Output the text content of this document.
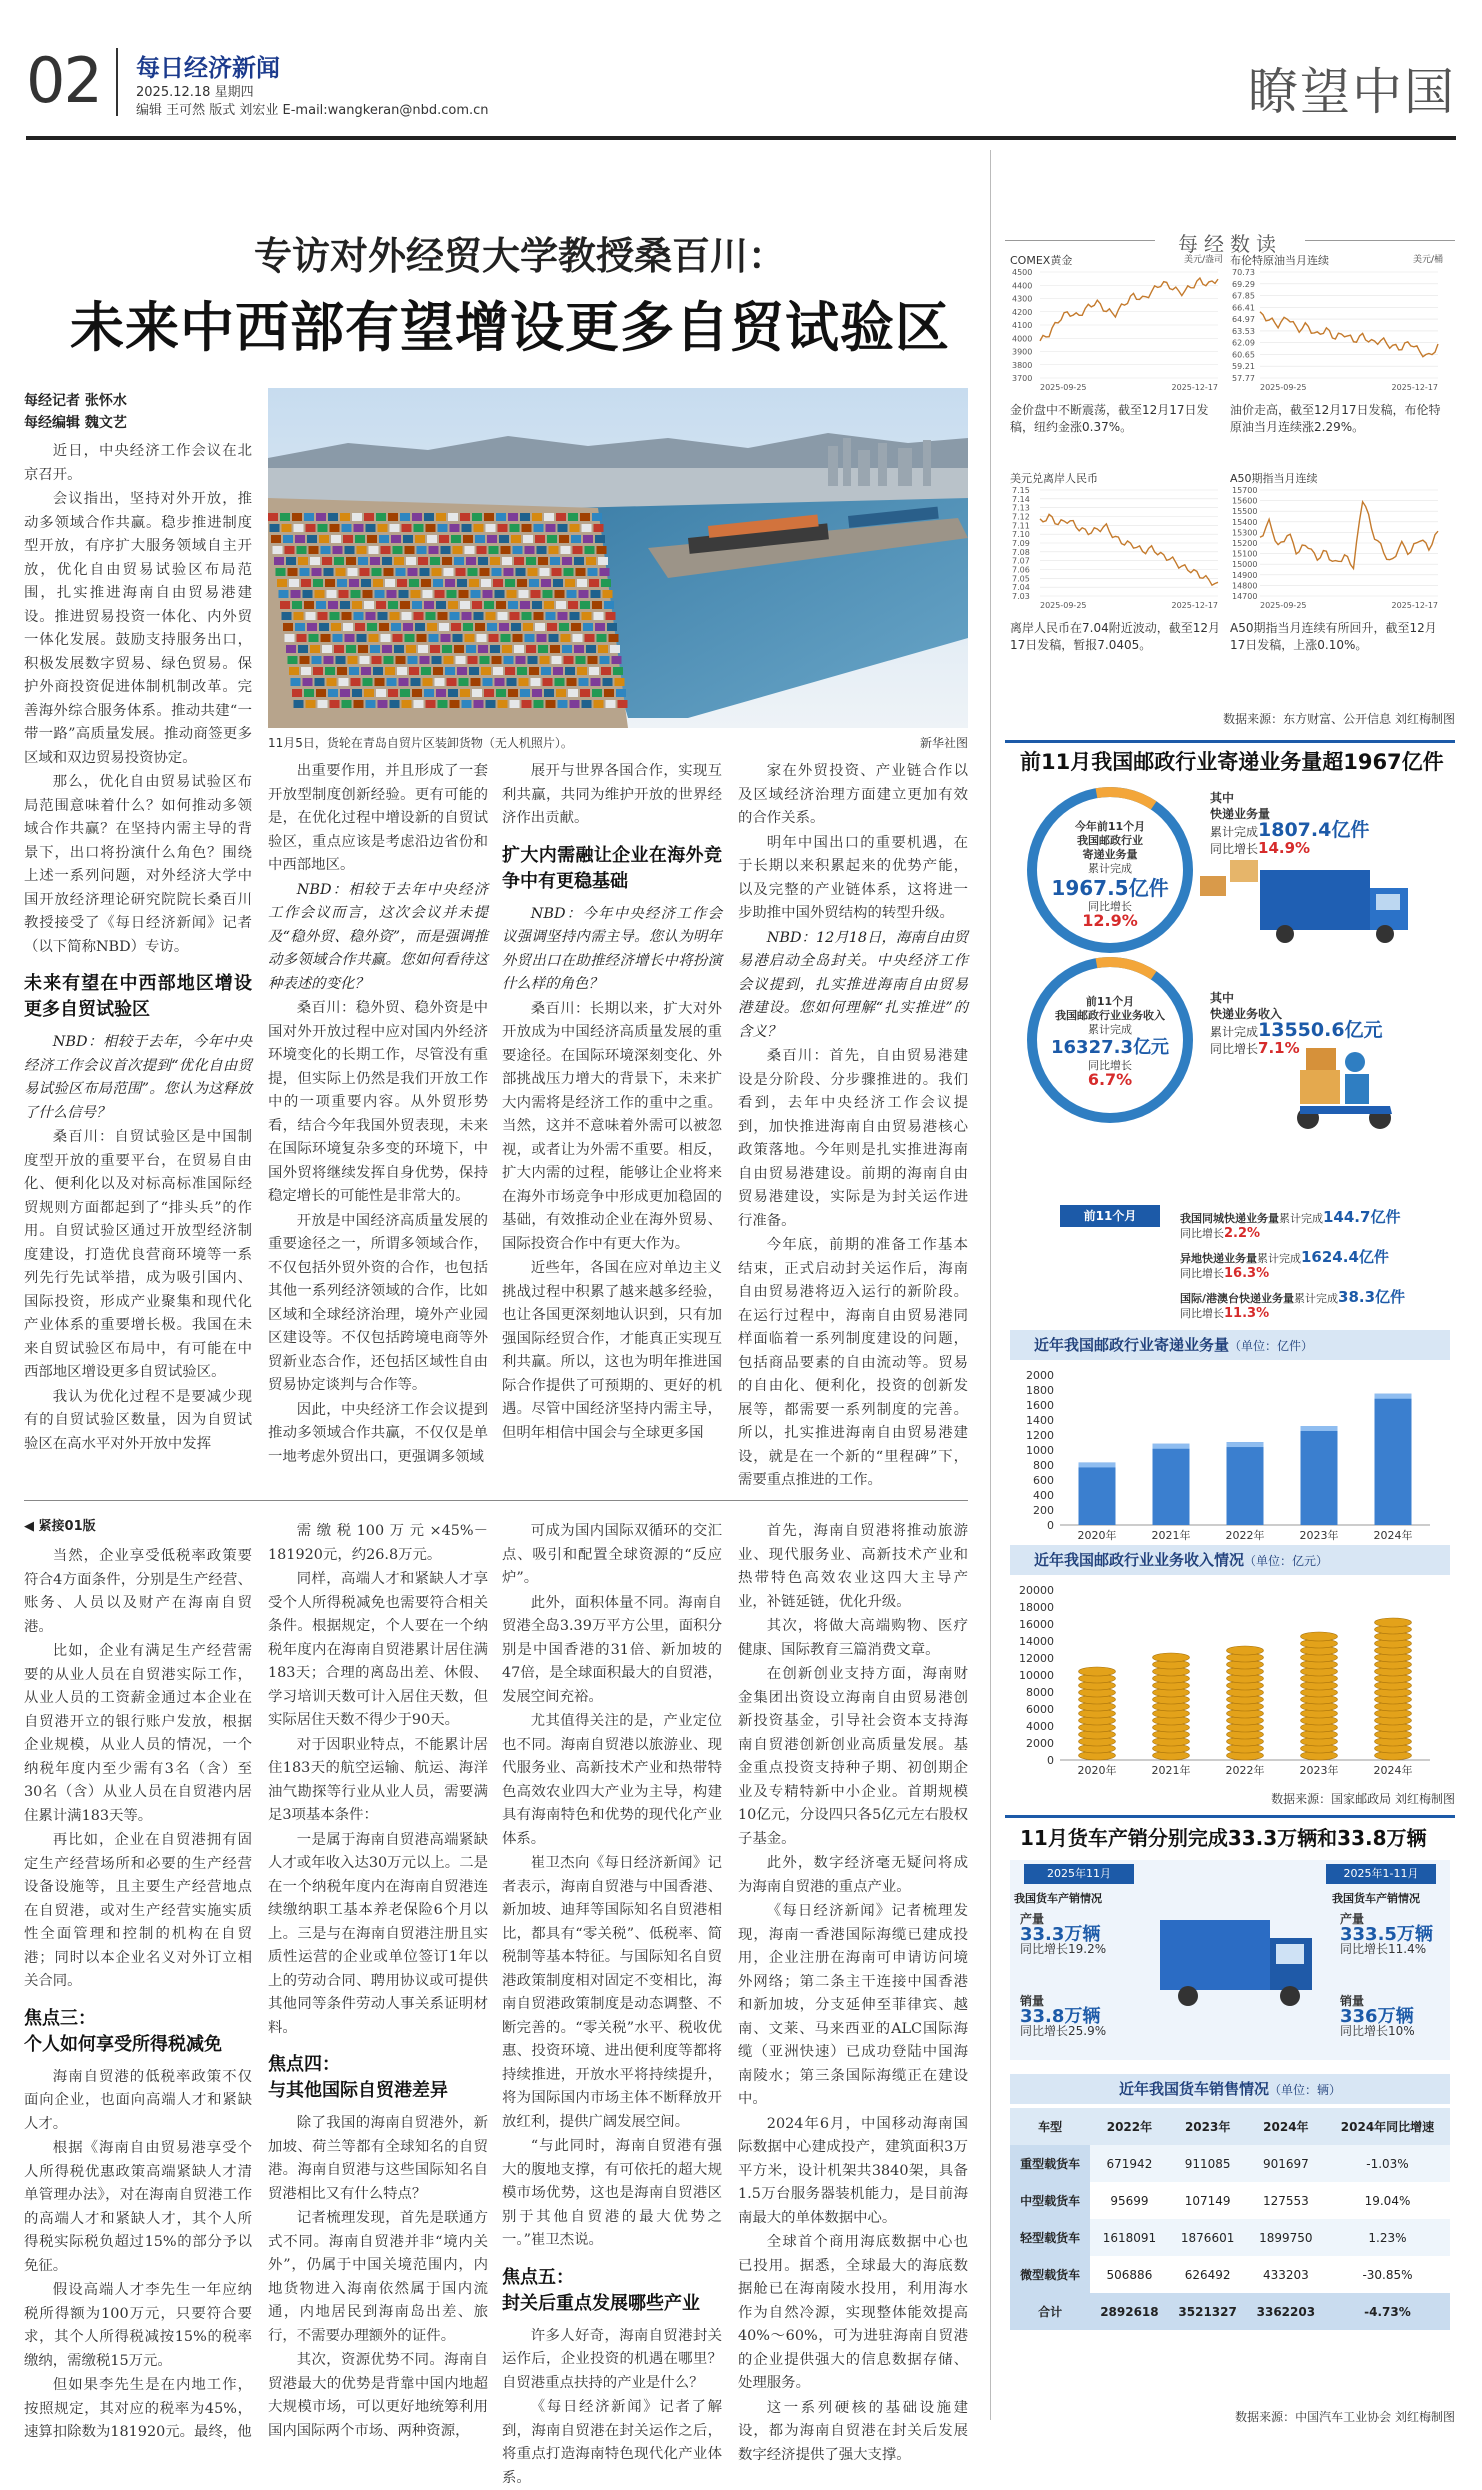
02 每日经济新闻
2025.12.18 星期四
编辑 王可然 版式 刘宏业 E-mail:wangkeran@nbd.com.cn	瞭望中国
专访对外经贸大学教授桑百川：
未来中西部有望增设更多自贸试验区
每经记者 张怀水
每经编辑 魏文艺
11月5日，货轮在青岛自贸片区装卸货物（无人机照片）。	新华社图

近日，中央经济工作会议在北京召开。

会议指出，坚持对外开放，推动多领域合作共赢。稳步推进制度型开放，有序扩大服务领域自主开放，优化自由贸易试验区布局范围，扎实推进海南自由贸易港建设。推进贸易投资一体化、内外贸一体化发展。鼓励支持服务出口，积极发展数字贸易、绿色贸易。保护外商投资促进体制机制改革。完善海外综合服务体系。推动共建“一带一路”高质量发展。推动商签更多区域和双边贸易投资协定。

那么，优化自由贸易试验区布局范围意味着什么？如何推动多领域合作共赢？在坚持内需主导的背景下，出口将扮演什么角色？围绕上述一系列问题，对外经济大学中国开放经济理论研究院院长桑百川教授接受了《每日经济新闻》记者（以下简称NBD）专访。

未来有望在中西部地区增设更多自贸试验区

NBD：相较于去年，今年中央经济工作会议首次提到“优化自由贸易试验区布局范围”。您认为这释放了什么信号？

桑百川：自贸试验区是中国制度型开放的重要平台，在贸易自由化、便利化以及对标高标准国际经贸规则方面都起到了“排头兵”的作用。自贸试验区通过开放型经济制度建设，打造优良营商环境等一系列先行先试举措，成为吸引国内、国际投资，形成产业聚集和现代化产业体系的重要增长极。我国在未来自贸试验区布局中，有可能在中西部地区增设更多自贸试验区。

我认为优化过程不是要减少现有的自贸试验区数量，因为自贸试验区在高水平对外开放中发挥

出重要作用，并且形成了一套开放型制度创新经验。更有可能的是，在优化过程中增设新的自贸试验区，重点应该是考虑沿边省份和中西部地区。

NBD：相较于去年中央经济工作会议而言，这次会议并未提及“稳外贸、稳外资”，而是强调推动多领域合作共赢。您如何看待这种表述的变化？

桑百川：稳外贸、稳外资是中国对外开放过程中应对国内外经济环境变化的长期工作，尽管没有重提，但实际上仍然是我们开放工作中的一项重要内容。从外贸形势看，结合今年我国外贸表现，未来在国际环境复杂多变的环境下，中国外贸将继续发挥自身优势，保持稳定增长的可能性是非常大的。

开放是中国经济高质量发展的重要途径之一，所谓多领域合作，不仅包括外贸外资的合作，也包括其他一系列经济领域的合作，比如区域和全球经济治理，境外产业园区建设等。不仅包括跨境电商等外贸新业态合作，还包括区域性自由贸易协定谈判与合作等。

因此，中央经济工作会议提到推动多领域合作共赢，不仅仅是单一地考虑外贸出口，更强调多领域

展开与世界各国合作，实现互利共赢，共同为维护开放的世界经济作出贡献。

扩大内需融让企业在海外竞争中有更稳基础

NBD：今年中央经济工作会议强调坚持内需主导。您认为明年外贸出口在助推经济增长中将扮演什么样的角色？

桑百川：长期以来，扩大对外开放成为中国经济高质量发展的重要途径。在国际环境深刻变化、外部挑战压力增大的背景下，未来扩大内需将是经济工作的重中之重。当然，这并不意味着外需可以被忽视，或者让为外需不重要。相反，扩大内需的过程，能够让企业将来在海外市场竞争中形成更加稳固的基础，有效推动企业在海外贸易、国际投资合作中有更大作为。

近些年，各国在应对单边主义挑战过程中积累了越来越多经验，也让各国更深刻地认识到，只有加强国际经贸合作，才能真正实现互利共赢。所以，这也为明年推进国际合作提供了可预期的、更好的机遇。尽管中国经济坚持内需主导，但明年相信中国会与全球更多国

家在外贸投资、产业链合作以及区域经济治理方面建立更加有效的合作关系。

明年中国出口的重要机遇，在于长期以来积累起来的优势产能，以及完整的产业链体系，这将进一步助推中国外贸结构的转型升级。

NBD：12月18日，海南自由贸易港启动全岛封关。中央经济工作会议提到，扎实推进海南自由贸易港建设。您如何理解“扎实推进”的含义？

桑百川：首先，自由贸易港建设是分阶段、分步骤推进的。我们看到，去年中央经济工作会议提到，加快推进海南自由贸易港核心政策落地。今年则是扎实推进海南自由贸易港建设。前期的海南自由贸易港建设，实际是为封关运作进行准备。

今年底，前期的准备工作基本结束，正式启动封关运作后，海南自由贸易港将迈入运行的新阶段。在运行过程中，海南自由贸易港同样面临着一系列制度建设的问题，包括商品要素的自由流动等。贸易的自由化、便利化，投资的创新发展等，都需要一系列制度的完善。所以，扎实推进海南自由贸易港建设，就是在一个新的“里程碑”下，需要重点推进的工作。

◀ 紧接01版

当然，企业享受低税率政策要符合4方面条件，分别是生产经营、账务、人员以及财产在海南自贸港。

比如，企业有满足生产经营需要的从业人员在自贸港实际工作，从业人员的工资薪金通过本企业在自贸港开立的银行账户发放，根据企业规模，从业人员的情况，一个纳税年度内至少需有3名（含）至30名（含）从业人员在自贸港内居住累计满183天等。

再比如，企业在自贸港拥有固定生产经营场所和必要的生产经营设备设施等，且主要生产经营地点在自贸港，或对生产经营实施实质性全面管理和控制的机构在自贸港；同时以本企业名义对外订立相关合同。

焦点三：
个人如何享受所得税减免

海南自贸港的低税率政策不仅面向企业，也面向高端人才和紧缺人才。

根据《海南自由贸易港享受个人所得税优惠政策高端紧缺人才清单管理办法》，对在海南自贸港工作的高端人才和紧缺人才，其个人所得税实际税负超过15%的部分予以免征。

假设高端人才李先生一年应纳税所得额为100万元，只要符合要求，其个人所得税减按15%的税率缴纳，需缴税15万元。

但如果李先生是在内地工作，按照规定，其对应的税率为45%，速算扣除数为181920元。最终，他

需缴税100万元×45%－181920元，约26.8万元。

同样，高端人才和紧缺人才享受个人所得税减免也需要符合相关条件。根据规定，个人要在一个纳税年度内在海南自贸港累计居住满183天；合理的离岛出差、休假、学习培训天数可计入居住天数，但实际居住天数不得少于90天。

对于因职业特点，不能累计居住183天的航空运输、航运、海洋油气勘探等行业从业人员，需要满足3项基本条件：

一是属于海南自贸港高端紧缺人才或年收入达30万元以上。二是在一个纳税年度内在海南自贸港连续缴纳职工基本养老保险6个月以上。三是与在海南自贸港注册且实质性运营的企业或单位签订1年以上的劳动合同、聘用协议或可提供其他同等条件劳动人事关系证明材料。

焦点四：
与其他国际自贸港差异

除了我国的海南自贸港外，新加坡、荷兰等都有全球知名的自贸港。海南自贸港与这些国际知名自贸港相比又有什么特点？

记者梳理发现，首先是联通方式不同。海南自贸港并非“境内关外”，仍属于中国关境范围内，内地货物进入海南依然属于国内流通，内地居民到海南岛出差、旅行，不需要办理额外的证件。

其次，资源优势不同。海南自贸港最大的优势是背靠中国内地超大规模市场，可以更好地统筹利用国内国际两个市场、两种资源，

可成为国内国际双循环的交汇点、吸引和配置全球资源的“反应炉”。

此外，面积体量不同。海南自贸港全岛3.39万平方公里，面积分别是中国香港的31倍、新加坡的47倍，是全球面积最大的自贸港，发展空间充裕。

尤其值得关注的是，产业定位也不同。海南自贸港以旅游业、现代服务业、高新技术产业和热带特色高效农业四大产业为主导，构建具有海南特色和优势的现代化产业体系。

崔卫杰向《每日经济新闻》记者表示，海南自贸港与中国香港、新加坡、迪拜等国际知名自贸港相比，都具有“零关税”、低税率、简税制等基本特征。与国际知名自贸港政策制度相对固定不变相比，海南自贸港政策制度是动态调整、不断完善的。“零关税”水平、税收优惠、投资环境、进出便利度等都将持续推进，开放水平将持续提升，将为国际国内市场主体不断释放开放红利，提供广阔发展空间。

“与此同时，海南自贸港有强大的腹地支撑，有可依托的超大规模市场优势，这也是海南自贸港区别于其他自贸港的最大优势之一。”崔卫杰说。

焦点五：
封关后重点发展哪些产业

许多人好奇，海南自贸港封关运作后，企业投资的机遇在哪里？自贸港重点扶持的产业是什么？

《每日经济新闻》记者了解到，海南自贸港在封关运作之后，将重点打造海南特色现代化产业体系。

首先，海南自贸港将推动旅游业、现代服务业、高新技术产业和热带特色高效农业这四大主导产业，补链延链，优化升级。

其次，将做大高端购物、医疗健康、国际教育三篇消费文章。

在创新创业支持方面，海南财金集团出资设立海南自由贸易港创新投资基金，引导社会资本支持海南自贸港创新创业高质量发展。基金重点投资支持种子期、初创期企业及专精特新中小企业。首期规模10亿元，分设四只各5亿元左右股权子基金。

此外，数字经济毫无疑问将成为海南自贸港的重点产业。

《每日经济新闻》记者梳理发现，海南一香港国际海缆已建成投用，企业注册在海南可申请访问境外网络；第二条主干连接中国香港和新加坡，分支延伸至菲律宾、越南、文莱、马来西亚的ALC国际海缆（亚洲快速）已成功登陆中国海南陵水；第三条国际海缆正在建设中。

2024年6月，中国移动海南国际数据中心建成投产，建筑面积3万平方米，设计机架共3840架，具备1.5万台服务器装机能力，是目前海南最大的单体数据中心。

全球首个商用海底数据中心也已投用。据悉，全球最大的海底数据舱已在海南陵水投用，利用海水作为自然冷源，实现整体能效提高40%～60%，可为进驻海南自贸港的企业提供强大的信息数据存储、处理服务。

这一系列硬核的基础设施建设，都为海南自贸港在封关后发展数字经济提供了强大支撑。

每经数读
COMEX黄金	美元/盎司
4500
4400
4300
4200
4100
4000
3900
3800
3700
2025-09-25	2025-12-17
金价盘中不断震荡，截至12月17日发稿，纽约金涨0.37%。
布伦特原油当月连续	美元/桶
70.73
69.29
67.85
66.41
64.97
63.53
62.09
60.65
59.21
57.77
2025-09-25	2025-12-17
油价走高，截至12月17日发稿，布伦特原油当月连续涨2.29%。
美元兑离岸人民币
7.15
7.14
7.13
7.12
7.11
7.10
7.09
7.08
7.07
7.06
7.05
7.04
7.03
2025-09-25	2025-12-17
离岸人民币在7.04附近波动，截至12月17日发稿，暂报7.0405。
A50期指当月连续
15700
15600
15500
15400
15300
15200
15100
15000
14900
14800
14700
2025-09-25	2025-12-17
A50期指当月连续有所回升，截至12月17日发稿，上涨0.10%。
数据来源：东方财富、公开信息 刘红梅制图
前11月我国邮政行业寄递业务量超1967亿件
今年前11个月
我国邮政行业
寄递业务量
累计完成
1967.5亿件
同比增长
12.9%
其中
快递业务量
累计完成1807.4亿件
同比增长14.9%
前11个月
我国邮政行业业务收入
累计完成
16327.3亿元
同比增长
6.7%
其中
快递业务收入
累计完成13550.6亿元
同比增长7.1%
前11个月	我国同城快递业务量累计完成144.7亿件
同比增长2.2%
异地快递业务量累计完成1624.4亿件
同比增长16.3%
国际/港澳台快递业务量累计完成38.3亿件
同比增长11.3%
近年我国邮政行业寄递业务量（单位：亿件）
0
200
400
600
800
1000
1200
1400
1600
1800
2000
2020年	2021年	2022年	2023年	2024年
近年我国邮政行业业务收入情况（单位：亿元）
0
2000
4000
6000
8000
10000
12000
14000
16000
18000
20000
2020年	2021年	2022年	2023年	2024年
数据来源：国家邮政局 刘红梅制图
11月货车产销分别完成33.3万辆和33.8万辆
2025年11月	2025年1-11月
我国货车产销情况	我国货车产销情况
产量
33.3万辆
同比增长19.2%
销量
33.8万辆
同比增长25.9%
产量
333.5万辆
同比增长11.4%
销量
336万辆
同比增长10%
近年我国货车销售情况（单位：辆）
车型	2022年	2023年	2024年	2024年同比增速
重型载货车	671942	911085	901697	-1.03%
中型载货车	95699	107149	127553	19.04%
轻型载货车	1618091	1876601	1899750	1.23%
微型载货车	506886	626492	433203	-30.85%
合计	2892618	3521327	3362203	-4.73%
数据来源：中国汽车工业协会 刘红梅制图
